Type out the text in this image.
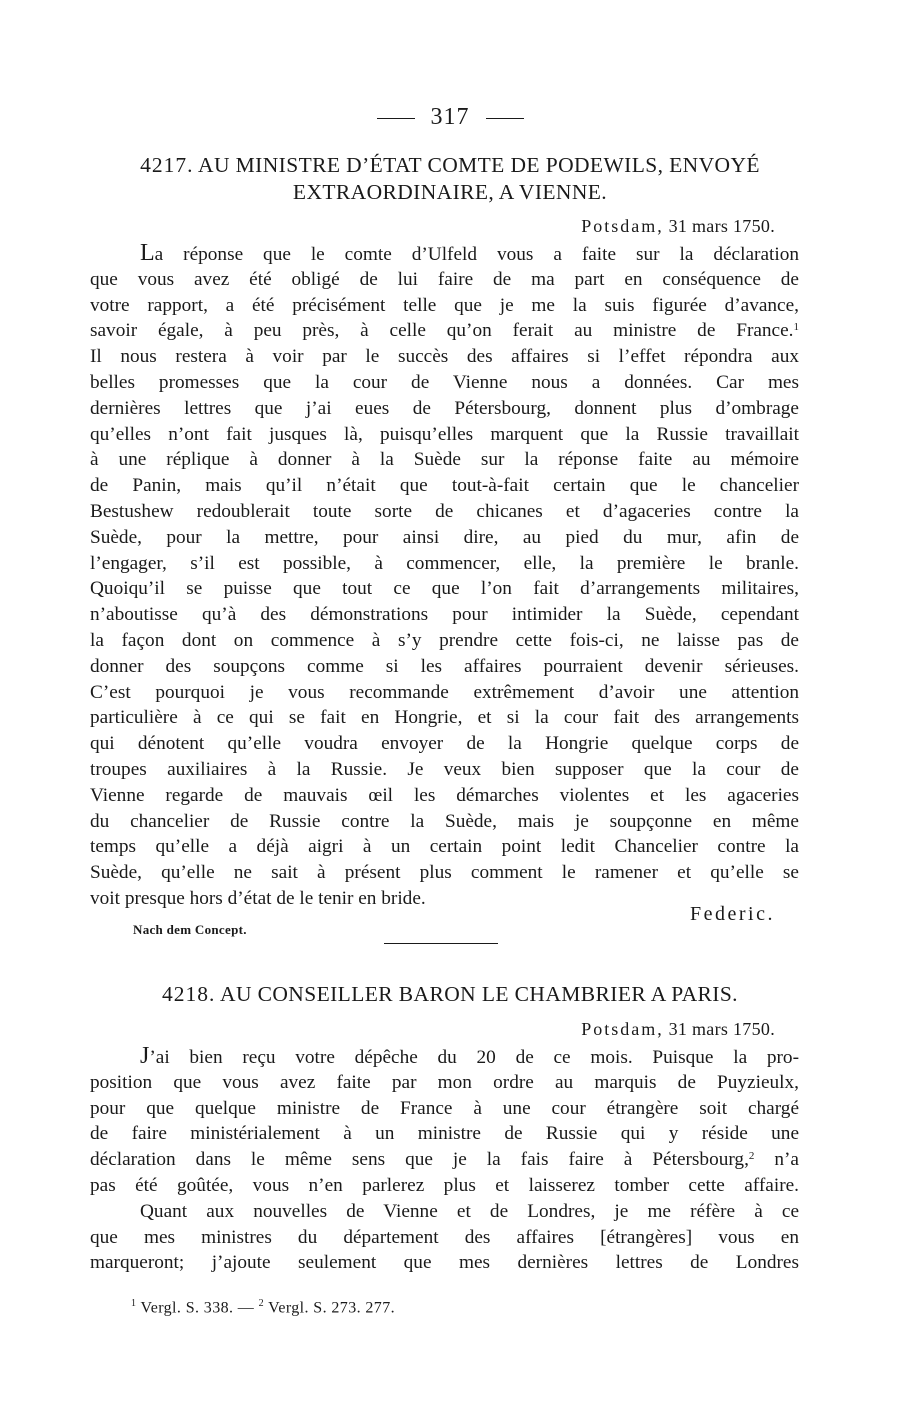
317
4217. AU MINISTRE D’ÉTAT COMTE DE PODEWILS, ENVOYÉ
EXTRAORDINAIRE, A VIENNE.
Potsdam, 31 mars 1750.
La réponse que le comte d’Ulfeld vous a faite sur la déclaration
que vous avez été obligé de lui faire de ma part en conséquence de
votre rapport, a été précisément telle que je me la suis figurée d’avance,
savoir égale, à peu près, à celle qu’on ferait au ministre de France.$^1$
Il nous restera à voir par le succès des affaires si l’effet répondra aux
belles promesses que la cour de Vienne nous a données. Car mes
dernières lettres que j’ai eues de Pétersbourg, donnent plus d’ombrage
qu’elles n’ont fait jusques là, puisqu’elles marquent que la Russie travaillait
à une réplique à donner à la Suède sur la réponse faite au mémoire
de Panin, mais qu’il n’était que tout-à-fait certain que le chancelier
Bestushew redoublerait toute sorte de chicanes et d’agaceries contre la
Suède, pour la mettre, pour ainsi dire, au pied du mur, afin de
l’engager, s’il est possible, à commencer, elle, la première le branle.
Quoiqu’il se puisse que tout ce que l’on fait d’arrangements militaires,
n’aboutisse qu’à des démonstrations pour intimider la Suède, cependant
la façon dont on commence à s’y prendre cette fois-ci, ne laisse pas de
donner des soupçons comme si les affaires pourraient devenir sérieuses.
C’est pourquoi je vous recommande extrêmement d’avoir une attention
particulière à ce qui se fait en Hongrie, et si la cour fait des arrangements
qui dénotent qu’elle voudra envoyer de la Hongrie quelque corps de
troupes auxiliaires à la Russie. Je veux bien supposer que la cour de
Vienne regarde de mauvais œil les démarches violentes et les agaceries
du chancelier de Russie contre la Suède, mais je soupçonne en même
temps qu’elle a déjà aigri à un certain point ledit Chancelier contre la
Suède, qu’elle ne sait à présent plus comment le ramener et qu’elle se
voit presque hors d’état de le tenir en bride.
Federic.
Nach dem Concept.
4218. AU CONSEILLER BARON LE CHAMBRIER A PARIS.
Potsdam, 31 mars 1750.
J’ai bien reçu votre dépêche du 20 de ce mois. Puisque la pro-
position que vous avez faite par mon ordre au marquis de Puyzieulx,
pour que quelque ministre de France à une cour étrangère soit chargé
de faire ministérialement à un ministre de Russie qui y réside une
déclaration dans le même sens que je la fais faire à Pétersbourg,$^2$ n’a
pas été goûtée, vous n’en parlerez plus et laisserez tomber cette affaire.
Quant aux nouvelles de Vienne et de Londres, je me réfère à ce
que mes ministres du département des affaires [étrangères] vous en
marqueront; j’ajoute seulement que mes dernières lettres de Londres
$^1$ Vergl. S. 338. — $^2$ Vergl. S. 273. 277.
